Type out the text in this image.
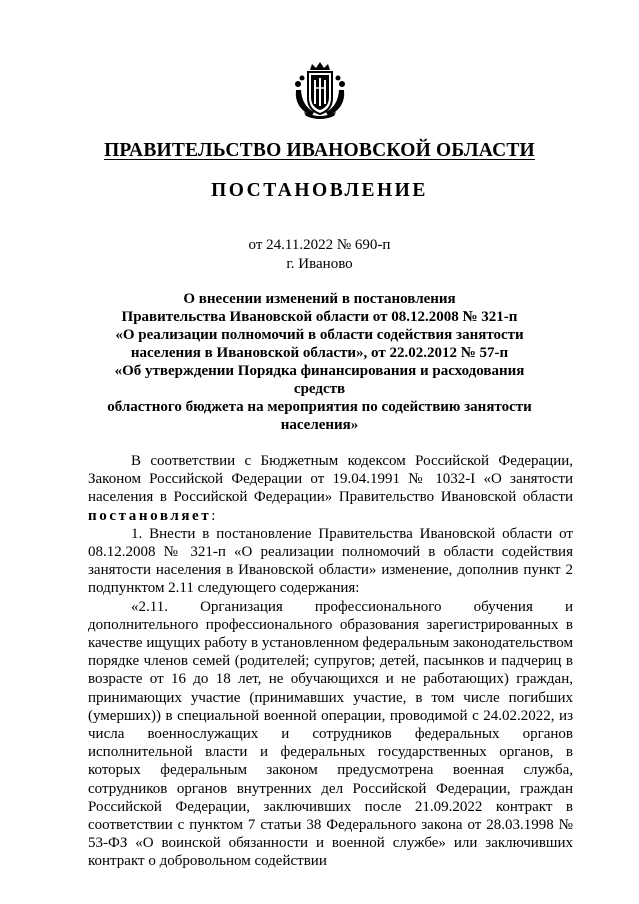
ПРАВИТЕЛЬСТВО ИВАНОВСКОЙ ОБЛАСТИ
ПОСТАНОВЛЕНИЕ
от 24.11.2022 № 690-п
г. Иваново
О внесении изменений в постановления
Правительства Ивановской области от 08.12.2008 № 321-п
«О реализации полномочий в области содействия занятости
населения в Ивановской области», от 22.02.2012 № 57-п
«Об утверждении Порядка финансирования и расходования средств
областного бюджета на мероприятия по содействию занятости
населения»

В соответствии с Бюджетным кодексом Российской Федерации, Законом Российской Федерации от 19.04.1991 № 1032-I «О занятости населения в Российской Федерации» Правительство Ивановской области постановляет:

1. Внести в постановление Правительства Ивановской области от 08.12.2008 № 321-п «О реализации полномочий в области содействия занятости населения в Ивановской области» изменение, дополнив пункт 2 подпунктом 2.11 следующего содержания:

«2.11. Организация профессионального обучения и дополнительного профессионального образования зарегистрированных в качестве ищущих работу в установленном федеральным законодательством порядке членов семей (родителей; супругов; детей, пасынков и падчериц в возрасте от 16 до 18 лет, не обучающихся и не работающих) граждан, принимающих участие (принимавших участие, в том числе погибших (умерших)) в специальной военной операции, проводимой с 24.02.2022, из числа военнослужащих и сотрудников федеральных органов исполнительной власти и федеральных государственных органов, в которых федеральным законом предусмотрена военная служба, сотрудников органов внутренних дел Российской Федерации, граждан Российской Федерации, заключивших после 21.09.2022 контракт в соответствии с пунктом 7 статьи 38 Федерального закона от 28.03.1998 № 53-ФЗ «О воинской обязанности и военной службе» или заключивших контракт о добровольном содействии
